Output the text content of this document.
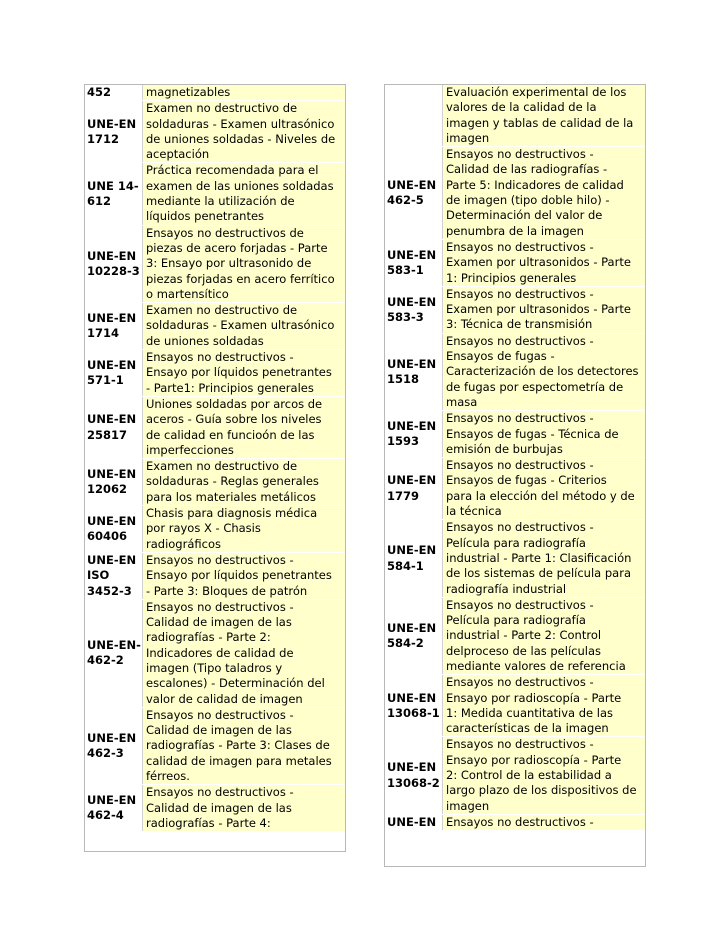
452	magnetizables
UNE-EN 1712
Examen no destructivo de
soldaduras - Examen ultrasónico
de uniones soldadas - Niveles de
aceptación
UNE 14-612
Práctica recomendada para el
examen de las uniones soldadas
mediante la utilización de
líquidos penetrantes
UNE-EN 10228-3
Ensayos no destructivos de
piezas de acero forjadas - Parte
3: Ensayo por ultrasonido de
piezas forjadas en acero ferrítico
o martensítico
UNE-EN 1714
Examen no destructivo de
soldaduras - Examen ultrasónico
de uniones soldadas
UNE-EN 571-1
Ensayos no destructivos -
Ensayo por líquidos penetrantes
- Parte1: Principios generales
UNE-EN 25817
Uniones soldadas por arcos de
aceros - Guía sobre los niveles
de calidad en funcioón de las
imperfecciones
UNE-EN 12062
Examen no destructivo de
soldaduras - Reglas generales
para los materiales metálicos
UNE-EN 60406
Chasis para diagnosis médica
por rayos X - Chasis
radiográficos
UNE-EN ISO 3452-3
Ensayos no destructivos -
Ensayo por líquidos penetrantes
- Parte 3: Bloques de patrón
UNE-EN-462-2
Ensayos no destructivos -
Calidad de imagen de las
radiografías - Parte 2:
Indicadores de calidad de
imagen (Tipo taladros y
escalones) - Determinación del
valor de calidad de imagen
UNE-EN 462-3
Ensayos no destructivos -
Calidad de imagen de las
radiografías - Parte 3: Clases de
calidad de imagen para metales
férreos.
UNE-EN 462-4
Ensayos no destructivos -
Calidad de imagen de las
radiografías - Parte 4:
Evaluación experimental de los
valores de la calidad de la
imagen y tablas de calidad de la
imagen
UNE-EN 462-5
Ensayos no destructivos -
Calidad de las radiografías -
Parte 5: Indicadores de calidad
de imagen (tipo doble hilo) -
Determinación del valor de
penumbra de la imagen
UNE-EN 583-1
Ensayos no destructivos -
Examen por ultrasonidos - Parte
1: Principios generales
UNE-EN 583-3
Ensayos no destructivos -
Examen por ultrasonidos - Parte
3: Técnica de transmisión
UNE-EN 1518
Ensayos no destructivos -
Ensayos de fugas -
Caracterización de los detectores
de fugas por espectometría de
masa
UNE-EN 1593
Ensayos no destructivos -
Ensayos de fugas - Técnica de
emisión de burbujas
UNE-EN 1779
Ensayos no destructivos -
Ensayos de fugas - Criterios
para la elección del método y de
la técnica
UNE-EN 584-1
Ensayos no destructivos -
Película para radiografía
industrial - Parte 1: Clasificación
de los sistemas de película para
radiografía industrial
UNE-EN 584-2
Ensayos no destructivos -
Película para radiografía
industrial - Parte 2: Control
delproceso de las películas
mediante valores de referencia
UNE-EN 13068-1
Ensayos no destructivos -
Ensayo por radioscopía - Parte
1: Medida cuantitativa de las
características de la imagen
UNE-EN 13068-2
Ensayos no destructivos -
Ensayo por radioscopía - Parte
2: Control de la estabilidad a
largo plazo de los dispositivos de
imagen
UNE-EN Ensayos no destructivos -
